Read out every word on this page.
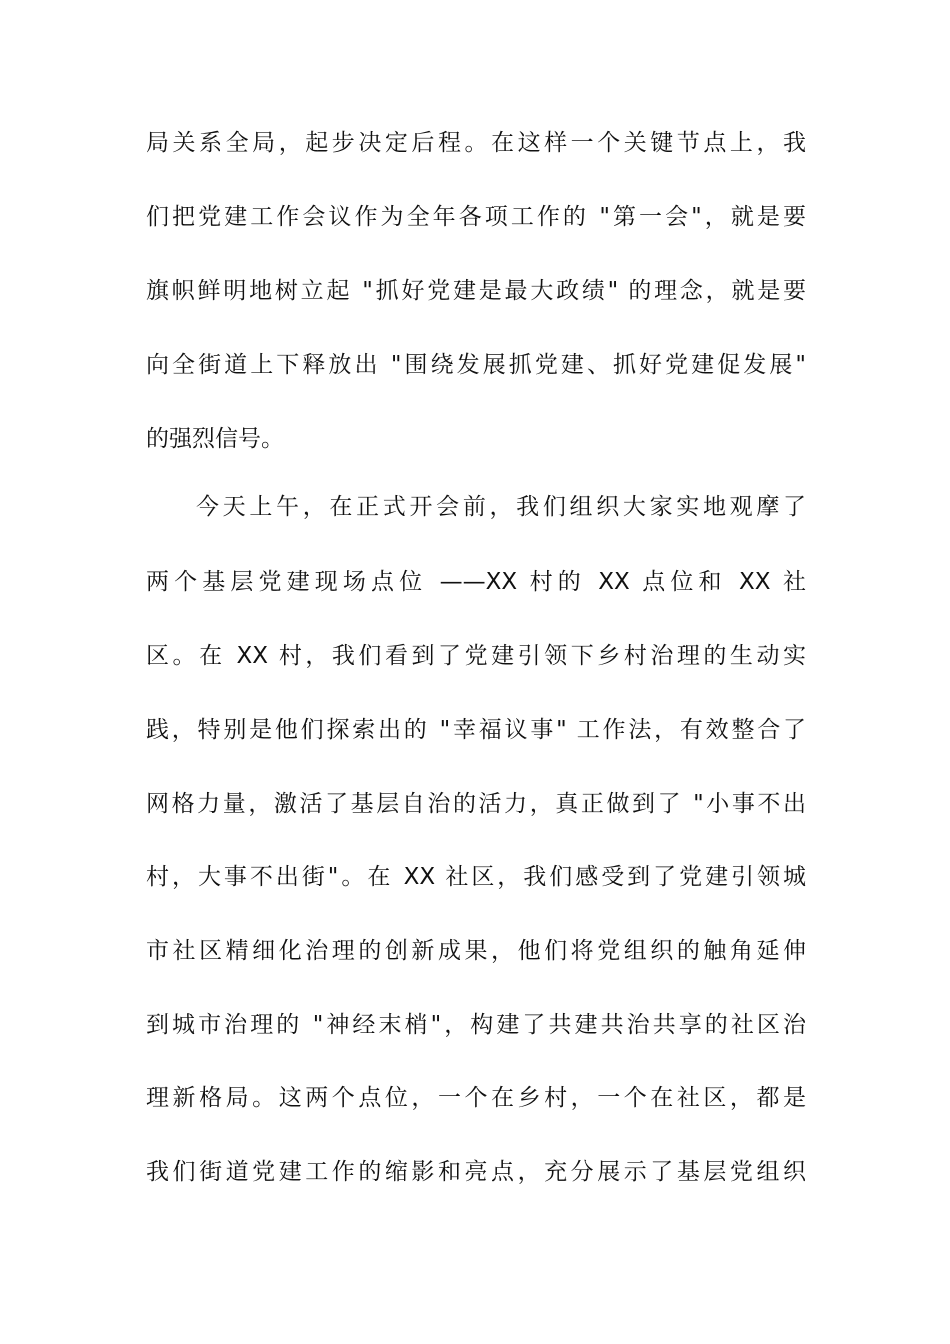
局关系全局，起步决定后程。在这样一个关键节点上，我
们把党建工作会议作为全年各项工作的 "第一会"，就是要
旗帜鲜明地树立起 "抓好党建是最大政绩" 的理念，就是要
向全街道上下释放出 "围绕发展抓党建、抓好党建促发展"
的强烈信号。
今天上午，在正式开会前，我们组织大家实地观摩了
两个基层党建现场点位 ——XX 村的 XX 点位和 XX 社
区。在 XX 村，我们看到了党建引领下乡村治理的生动实
践，特别是他们探索出的 "幸福议事" 工作法，有效整合了
网格力量，激活了基层自治的活力，真正做到了 "小事不出
村，大事不出街"。在 XX 社区，我们感受到了党建引领城
市社区精细化治理的创新成果，他们将党组织的触角延伸
到城市治理的 "神经末梢"，构建了共建共治共享的社区治
理新格局。这两个点位，一个在乡村，一个在社区，都是
我们街道党建工作的缩影和亮点，充分展示了基层党组织
